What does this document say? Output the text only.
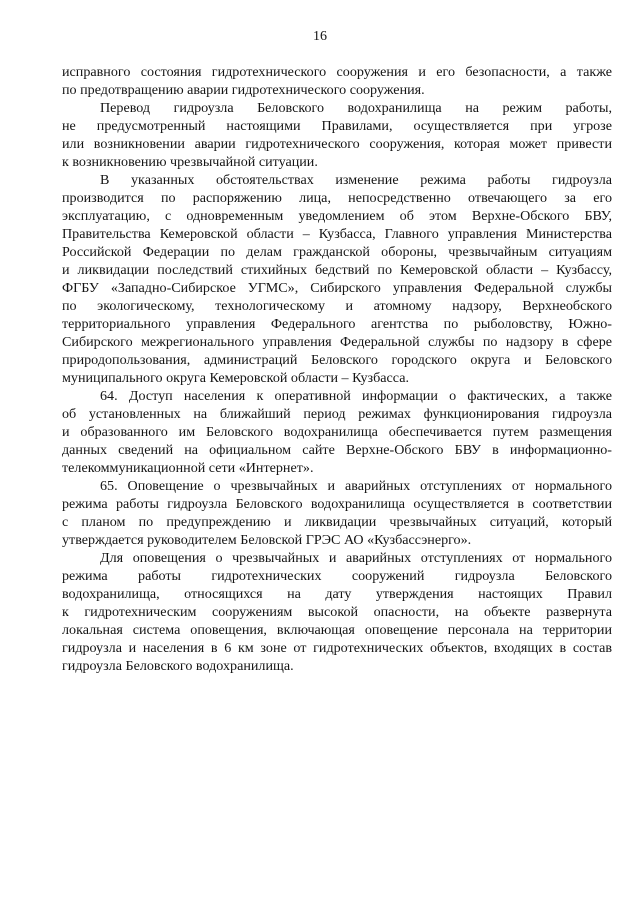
16
исправного состояния гидротехнического сооружения и его безопасности, а также
по предотвращению аварии гидротехнического сооружения.
Перевод гидроузла Беловского водохранилища на режим работы,
не предусмотренный настоящими Правилами, осуществляется при угрозе
или возникновении аварии гидротехнического сооружения, которая может привести
к возникновению чрезвычайной ситуации.
В указанных обстоятельствах изменение режима работы гидроузла
производится по распоряжению лица, непосредственно отвечающего за его
эксплуатацию, с одновременным уведомлением об этом Верхне-Обского БВУ,
Правительства Кемеровской области – Кузбасса, Главного управления Министерства
Российской Федерации по делам гражданской обороны, чрезвычайным ситуациям
и ликвидации последствий стихийных бедствий по Кемеровской области – Кузбассу,
ФГБУ «Западно-Сибирское УГМС», Сибирского управления Федеральной службы
по экологическому, технологическому и атомному надзору, Верхнеобского
территориального управления Федерального агентства по рыболовству, Южно-
Сибирского межрегионального управления Федеральной службы по надзору в сфере
природопользования, администраций Беловского городского округа и Беловского
муниципального округа Кемеровской области – Кузбасса.
64. Доступ населения к оперативной информации о фактических, а также
об установленных на ближайший период режимах функционирования гидроузла
и образованного им Беловского водохранилища обеспечивается путем размещения
данных сведений на официальном сайте Верхне-Обского БВУ в информационно-
телекоммуникационной сети «Интернет».
65. Оповещение о чрезвычайных и аварийных отступлениях от нормального
режима работы гидроузла Беловского водохранилища осуществляется в соответствии
с планом по предупреждению и ликвидации чрезвычайных ситуаций, который
утверждается руководителем Беловской ГРЭС АО «Кузбассэнерго».
Для оповещения о чрезвычайных и аварийных отступлениях от нормального
режима работы гидротехнических сооружений гидроузла Беловского
водохранилища, относящихся на дату утверждения настоящих Правил
к гидротехническим сооружениям высокой опасности, на объекте развернута
локальная система оповещения, включающая оповещение персонала на территории
гидроузла и населения в 6 км зоне от гидротехнических объектов, входящих в состав
гидроузла Беловского водохранилища.
